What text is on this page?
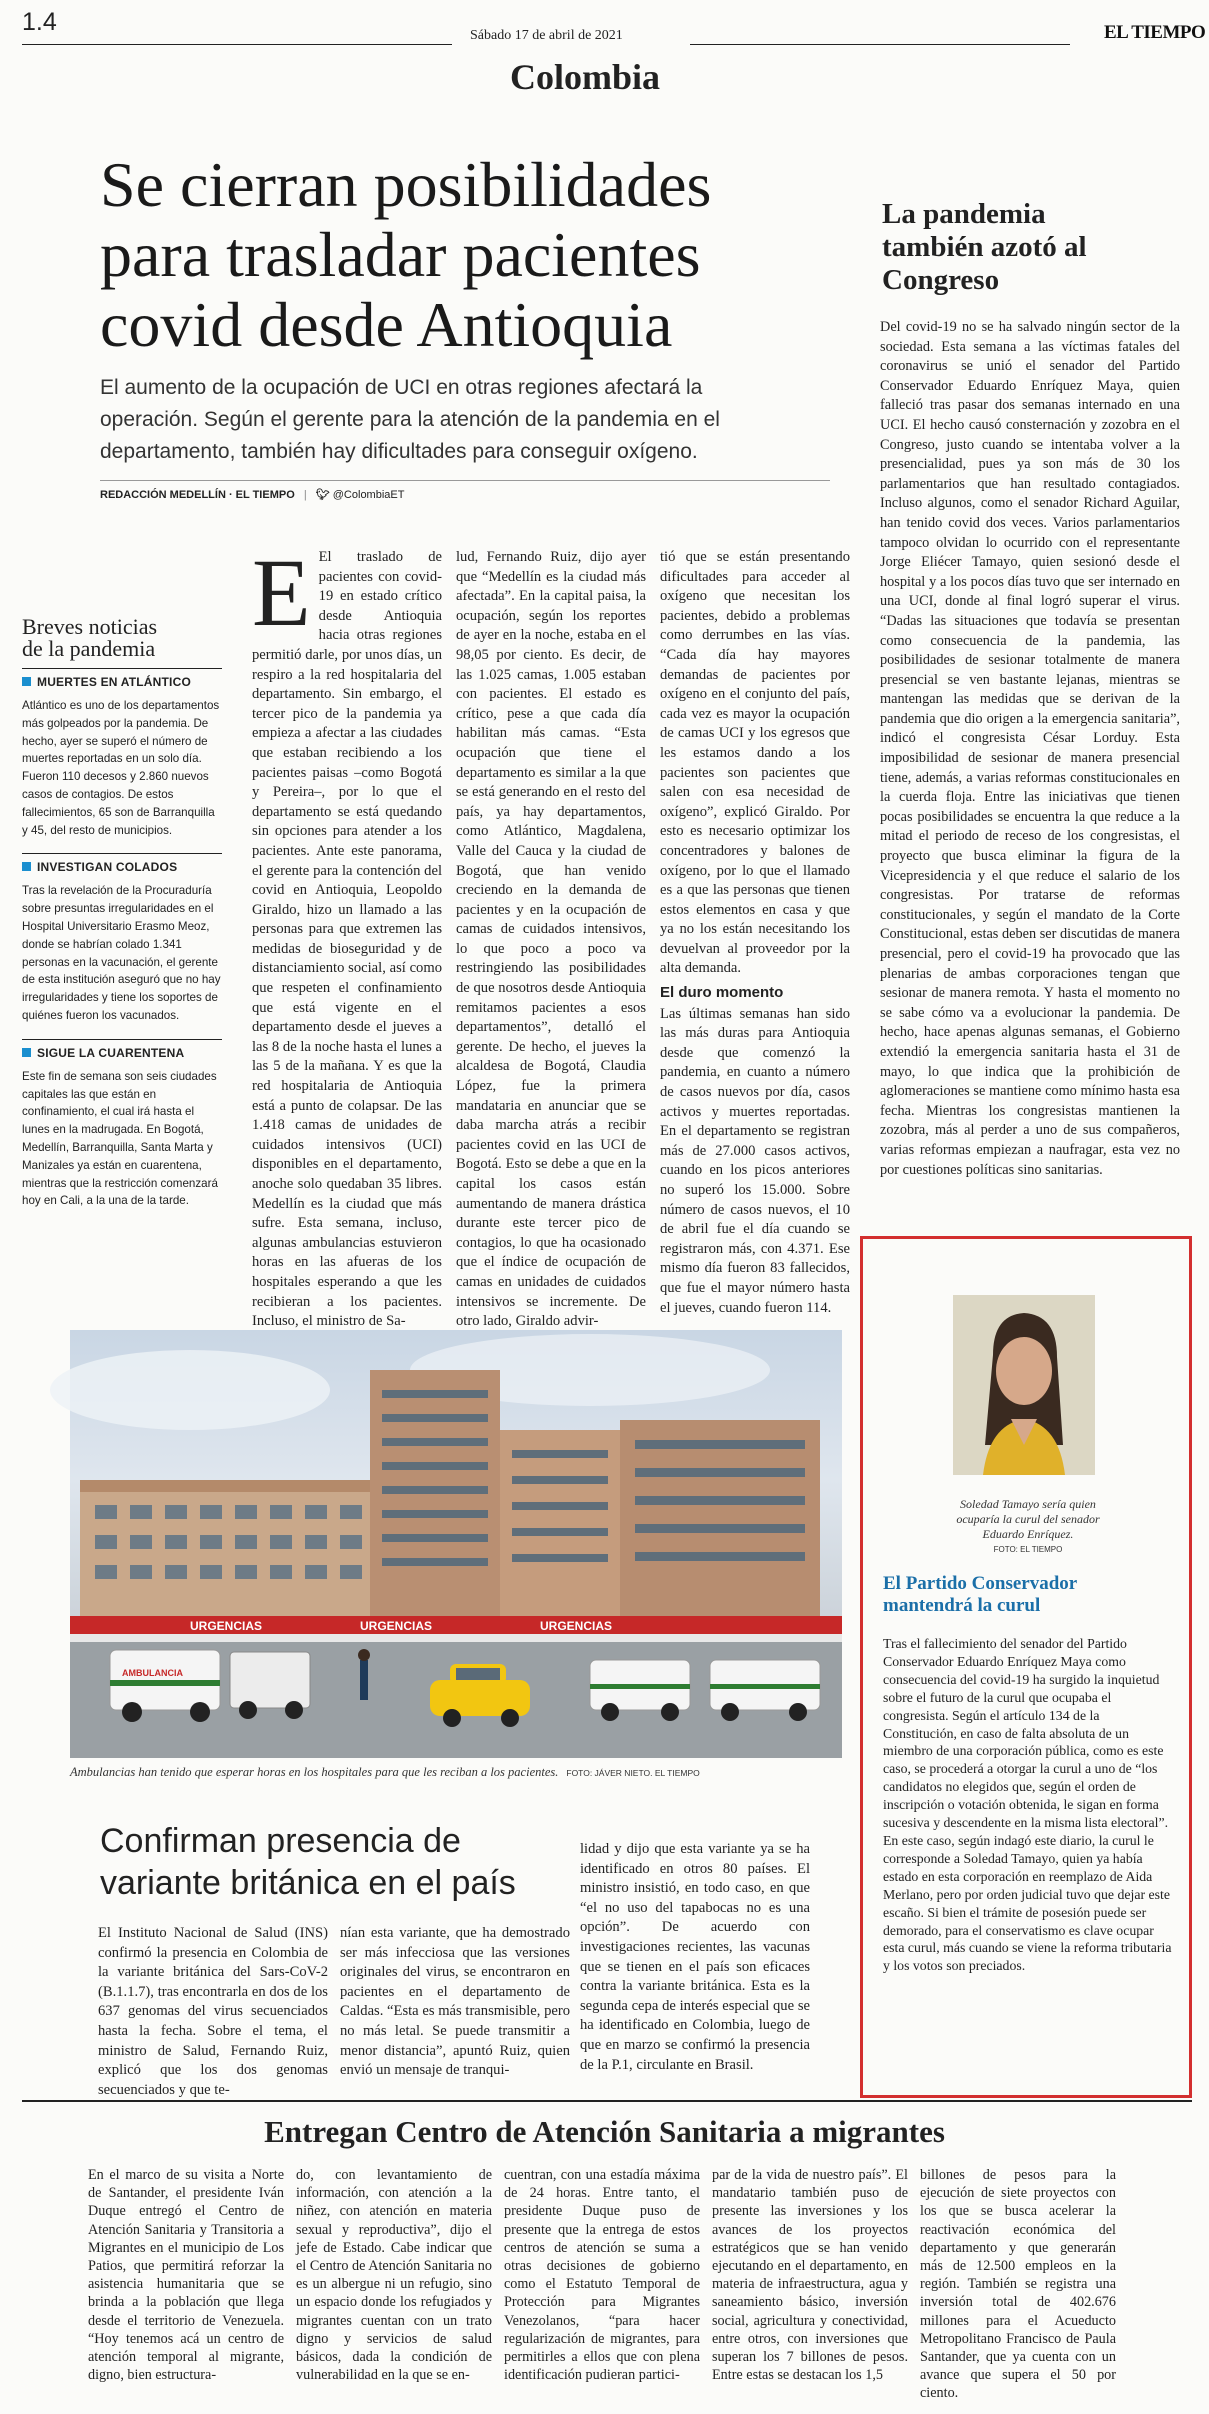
1.4	Sábado 17 de abril de 2021	EL TIEMPO
Colombia
Se cierran posibilidades para trasladar pacientes covid desde Antioquia
El aumento de la ocupación de UCI en otras regiones afectará la operación. Según el gerente para la atención de la pandemia en el departamento, también hay dificultades para conseguir oxígeno.
REDACCIÓN MEDELLÍN · EL TIEMPO | 🐦︎ @ColombiaET
Breves noticias de la pandemia
MUERTES EN ATLÁNTICO
Atlántico es uno de los departamentos más golpeados por la pandemia. De hecho, ayer se superó el número de muertes reportadas en un solo día. Fueron 110 decesos y 2.860 nuevos casos de contagios. De estos fallecimientos, 65 son de Barranquilla y 45, del resto de municipios.
INVESTIGAN COLADOS
Tras la revelación de la Procuraduría sobre presuntas irregularidades en el Hospital Universitario Erasmo Meoz, donde se habrían colado 1.341 personas en la vacunación, el gerente de esta institución aseguró que no hay irregularidades y tiene los soportes de quiénes fueron los vacunados.
SIGUE LA CUARENTENA
Este fin de semana son seis ciudades capitales las que están en confinamiento, el cual irá hasta el lunes en la madrugada. En Bogotá, Medellín, Barranquilla, Santa Marta y Manizales ya están en cuarentena, mientras que la restricción comenzará hoy en Cali, a la una de la tarde.
E El traslado de pacientes con covid-19 en estado crítico desde Antioquia hacia otras regiones permitió darle, por unos días, un respiro a la red hospitalaria del departamento. Sin embargo, el tercer pico de la pandemia ya empieza a afectar a las ciudades que estaban recibiendo a los pacientes paisas –como Bogotá y Pereira–, por lo que el departamento se está quedando sin opciones para atender a los pacientes. Ante este panorama, el gerente para la contención del covid en Antioquia, Leopoldo Giraldo, hizo un llamado a las personas para que extremen las medidas de bioseguridad y de distanciamiento social, así como que respeten el confinamiento que está vigente en el departamento desde el jueves a las 8 de la noche hasta el lunes a las 5 de la mañana. Y es que la red hospitalaria de Antioquia está a punto de colapsar. De las 1.418 camas de unidades de cuidados intensivos (UCI) disponibles en el departamento, anoche solo quedaban 35 libres. Medellín es la ciudad que más sufre. Esta semana, incluso, algunas ambulancias estuvieron horas en las afueras de los hospitales esperando a que les recibieran a los pacientes. Incluso, el ministro de Sa-
lud, Fernando Ruiz, dijo ayer que “Medellín es la ciudad más afectada”. En la capital paisa, la ocupación, según los reportes de ayer en la noche, estaba en el 98,05 por ciento. Es decir, de las 1.025 camas, 1.005 estaban con pacientes. El estado es crítico, pese a que cada día habilitan más camas. “Esta ocupación que tiene el departamento es similar a la que se está generando en el resto del país, ya hay departamentos, como Atlántico, Magdalena, Valle del Cauca y la ciudad de Bogotá, que han venido creciendo en la demanda de pacientes y en la ocupación de camas de cuidados intensivos, lo que poco a poco va restringiendo las posibilidades de que nosotros desde Antioquia remitamos pacientes a esos departamentos”, detalló el gerente. De hecho, el jueves la alcaldesa de Bogotá, Claudia López, fue la primera mandataria en anunciar que se daba marcha atrás a recibir pacientes covid en las UCI de Bogotá. Esto se debe a que en la capital los casos están aumentando de manera drástica durante este tercer pico de contagios, lo que ha ocasionado que el índice de ocupación de camas en unidades de cuidados intensivos se incremente. De otro lado, Giraldo advir-
tió que se están presentando dificultades para acceder al oxígeno que necesitan los pacientes, debido a problemas como derrumbes en las vías. “Cada día hay mayores demandas de pacientes por oxígeno en el conjunto del país, cada vez es mayor la ocupación de camas UCI y los egresos que les estamos dando a los pacientes son pacientes que salen con esa necesidad de oxígeno”, explicó Giraldo. Por esto es necesario optimizar los concentradores y balones de oxígeno, por lo que el llamado es a que las personas que tienen estos elementos en casa y que ya no los están necesitando los devuelvan al proveedor por la alta demanda.
El duro momento
Las últimas semanas han sido las más duras para Antioquia desde que comenzó la pandemia, en cuanto a número de casos nuevos por día, casos activos y muertes reportadas. En el departamento se registran más de 27.000 casos activos, cuando en los picos anteriores no superó los 15.000. Sobre número de casos nuevos, el 10 de abril fue el día cuando se registraron más, con 4.371. Ese mismo día fueron 83 fallecidos, que fue el mayor número hasta el jueves, cuando fueron 114.
La pandemia también azotó al Congreso
Del covid-19 no se ha salvado ningún sector de la sociedad. Esta semana a las víctimas fatales del coronavirus se unió el senador del Partido Conservador Eduardo Enríquez Maya, quien falleció tras pasar dos semanas internado en una UCI. El hecho causó consternación y zozobra en el Congreso, justo cuando se intentaba volver a la presencialidad, pues ya son más de 30 los parlamentarios que han resultado contagiados. Incluso algunos, como el senador Richard Aguilar, han tenido covid dos veces. Varios parlamentarios tampoco olvidan lo ocurrido con el representante Jorge Eliécer Tamayo, quien sesionó desde el hospital y a los pocos días tuvo que ser internado en una UCI, donde al final logró superar el virus. “Dadas las situaciones que todavía se presentan como consecuencia de la pandemia, las posibilidades de sesionar totalmente de manera presencial se ven bastante lejanas, mientras se mantengan las medidas que se derivan de la pandemia que dio origen a la emergencia sanitaria”, indicó el congresista César Lorduy. Esta imposibilidad de sesionar de manera presencial tiene, además, a varias reformas constitucionales en la cuerda floja. Entre las iniciativas que tienen pocas posibilidades se encuentra la que reduce a la mitad el periodo de receso de los congresistas, el proyecto que busca eliminar la figura de la Vicepresidencia y el que reduce el salario de los congresistas. Por tratarse de reformas constitucionales, y según el mandato de la Corte Constitucional, estas deben ser discutidas de manera presencial, pero el covid-19 ha provocado que las plenarias de ambas corporaciones tengan que sesionar de manera remota. Y hasta el momento no se sabe cómo va a evolucionar la pandemia. De hecho, hace apenas algunas semanas, el Gobierno extendió la emergencia sanitaria hasta el 31 de mayo, lo que indica que la prohibición de aglomeraciones se mantiene como mínimo hasta esa fecha. Mientras los congresistas mantienen la zozobra, más al perder a uno de sus compañeros, varias reformas empiezan a naufragar, esta vez no por cuestiones políticas sino sanitarias.
URGENCIAS	URGENCIAS	URGENCIAS
AMBULANCIA
Ambulancias han tenido que esperar horas en los hospitales para que les reciban a los pacientes. FOTO: JÁVER NIETO. EL TIEMPO
Soledad Tamayo sería quien ocuparía la curul del senador Eduardo Enríquez.
FOTO: EL TIEMPO
El Partido Conservador mantendrá la curul
Tras el fallecimiento del senador del Partido Conservador Eduardo Enríquez Maya como consecuencia del covid-19 ha surgido la inquietud sobre el futuro de la curul que ocupaba el congresista. Según el artículo 134 de la Constitución, en caso de falta absoluta de un miembro de una corporación pública, como es este caso, se procederá a otorgar la curul a uno de “los candidatos no elegidos que, según el orden de inscripción o votación obtenida, le sigan en forma sucesiva y descendente en la misma lista electoral”. En este caso, según indagó este diario, la curul le corresponde a Soledad Tamayo, quien ya había estado en esta corporación en reemplazo de Aida Merlano, pero por orden judicial tuvo que dejar este escaño. Si bien el trámite de posesión puede ser demorado, para el conservatismo es clave ocupar esta curul, más cuando se viene la reforma tributaria y los votos son preciados.
Confirman presencia de variante británica en el país
El Instituto Nacional de Salud (INS) confirmó la presencia en Colombia de la variante británica del Sars-CoV-2 (B.1.1.7), tras encontrarla en dos de los 637 genomas del virus secuenciados hasta la fecha. Sobre el tema, el ministro de Salud, Fernando Ruiz, explicó que los dos genomas secuenciados y que te-
nían esta variante, que ha demostrado ser más infecciosa que las versiones originales del virus, se encontraron en pacientes en el departamento de Caldas. “Esta es más transmisible, pero no más letal. Se puede transmitir a menor distancia”, apuntó Ruiz, quien envió un mensaje de tranqui-
lidad y dijo que esta variante ya se ha identificado en otros 80 países. El ministro insistió, en todo caso, en que “el no uso del tapabocas no es una opción”. De acuerdo con investigaciones recientes, las vacunas que se tienen en el país son eficaces contra la variante británica. Esta es la segunda cepa de interés especial que se ha identificado en Colombia, luego de que en marzo se confirmó la presencia de la P.1, circulante en Brasil.
Entregan Centro de Atención Sanitaria a migrantes
En el marco de su visita a Norte de Santander, el presidente Iván Duque entregó el Centro de Atención Sanitaria y Transitoria a Migrantes en el municipio de Los Patios, que permitirá reforzar la asistencia humanitaria que se brinda a la población que llega desde el territorio de Venezuela. “Hoy tenemos acá un centro de atención temporal al migrante, digno, bien estructura-
do, con levantamiento de información, con atención a la niñez, con atención en materia sexual y reproductiva”, dijo el jefe de Estado. Cabe indicar que el Centro de Atención Sanitaria no es un albergue ni un refugio, sino un espacio donde los refugiados y migrantes cuentan con un trato digno y servicios de salud básicos, dada la condición de vulnerabilidad en la que se en-
cuentran, con una estadía máxima de 24 horas. Entre tanto, el presidente Duque puso de presente que la entrega de estos centros de atención se suma a otras decisiones de gobierno como el Estatuto Temporal de Protección para Migrantes Venezolanos, “para hacer regularización de migrantes, para permitirles a ellos que con plena identificación pudieran partici-
par de la vida de nuestro país”. El mandatario también puso de presente las inversiones y los avances de los proyectos estratégicos que se han venido ejecutando en el departamento, en materia de infraestructura, agua y saneamiento básico, inversión social, agricultura y conectividad, entre otros, con inversiones que superan los 7 billones de pesos. Entre estas se destacan los 1,5
billones de pesos para la ejecución de siete proyectos con los que se busca acelerar la reactivación económica del departamento y que generarán más de 12.500 empleos en la región. También se registra una inversión total de 402.676 millones para el Acueducto Metropolitano Francisco de Paula Santander, que ya cuenta con un avance que supera el 50 por ciento.
